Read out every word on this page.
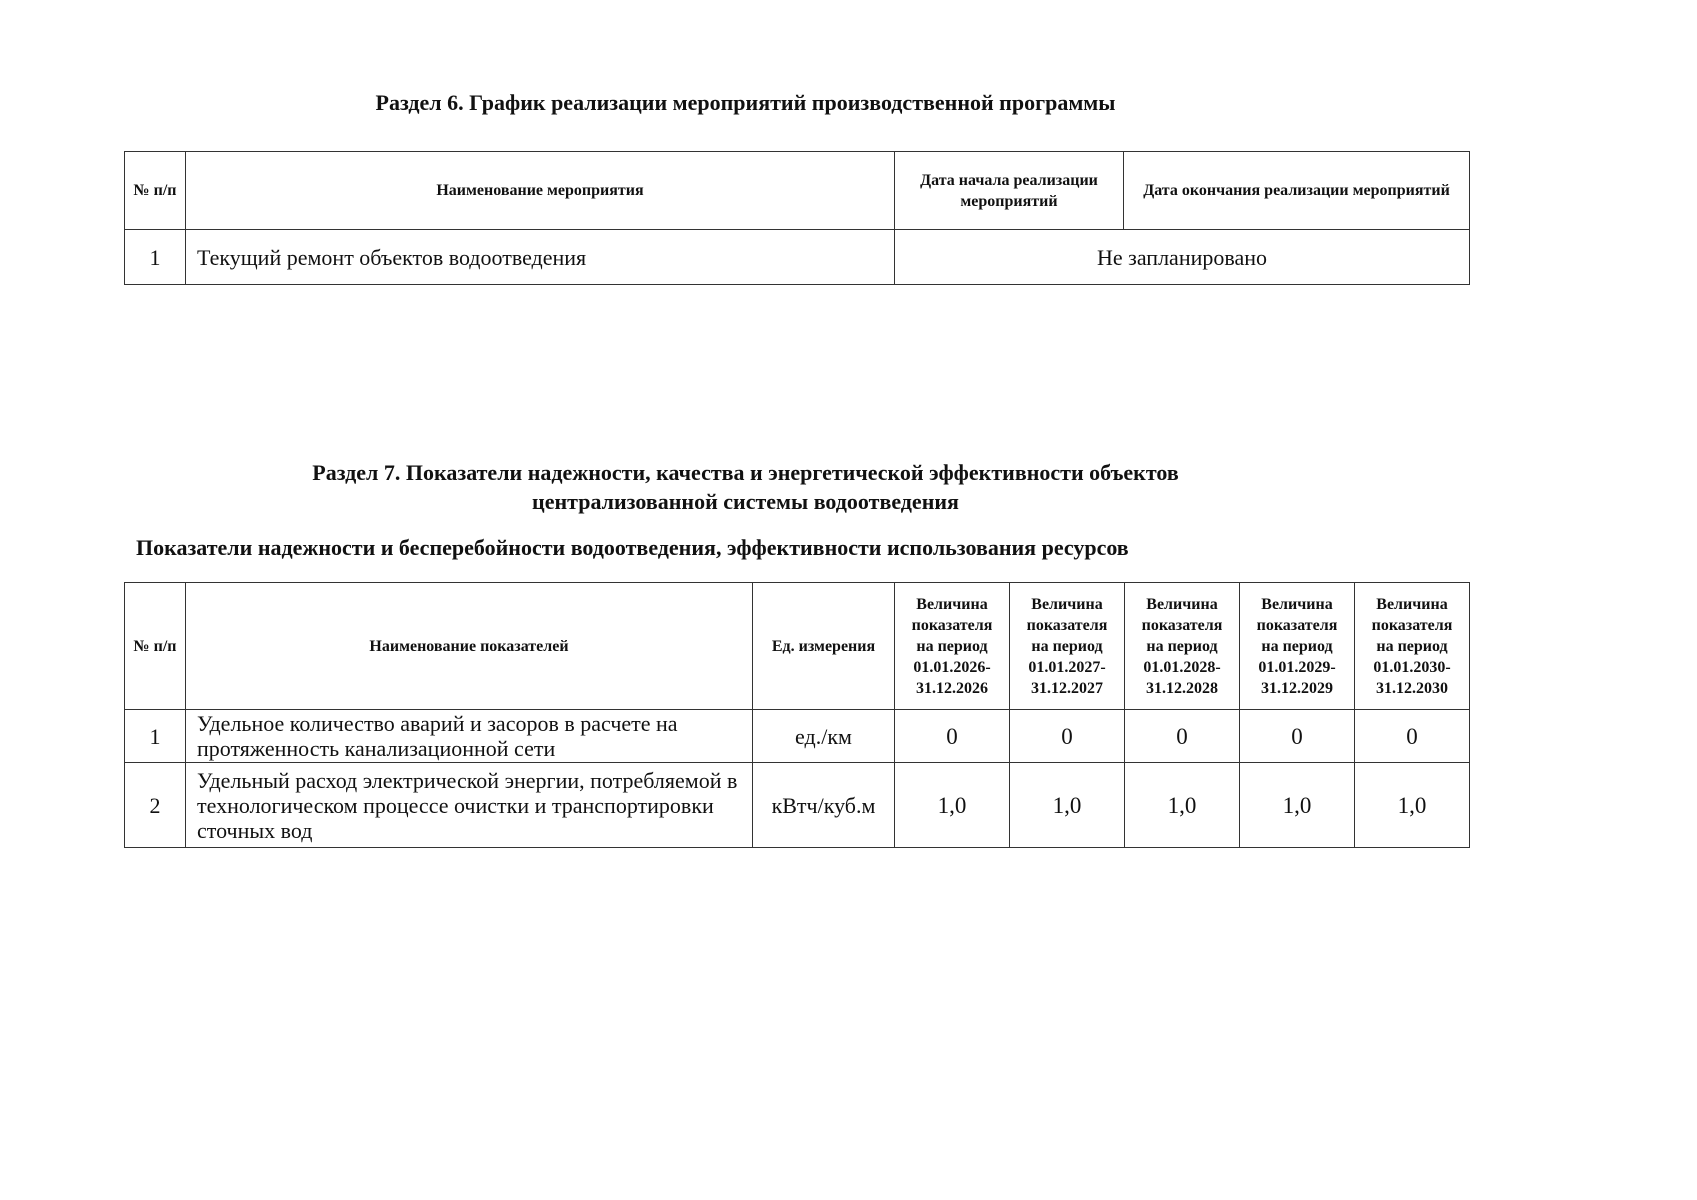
Раздел 6. График реализации мероприятий производственной программы
№ п/п	Наименование мероприятия	Дата начала реализации мероприятий	Дата окончания реализации мероприятий
1	Текущий ремонт объектов водоотведения	Не запланировано	
Раздел 7. Показатели надежности, качества и энергетической эффективности объектов
централизованной системы водоотведения
Показатели надежности и бесперебойности водоотведения, эффективности использования ресурсов
№ п/п	Наименование показателей	Ед. измерения	Величина показателя на период 01.01.2026-31.12.2026	Величина показателя на период 01.01.2027-31.12.2027	Величина показателя на период 01.01.2028-31.12.2028	Величина показателя на период 01.01.2029-31.12.2029	Величина показателя на период 01.01.2030-31.12.2030
1	Удельное количество аварий и засоров в расчете на протяженность канализационной сети	ед./км	0	0	0	0	0
2	Удельный расход электрической энергии, потребляемой в технологическом процессе очистки и транспортировки сточных вод	кВтч/куб.м	1,0	1,0	1,0	1,0	1,0
